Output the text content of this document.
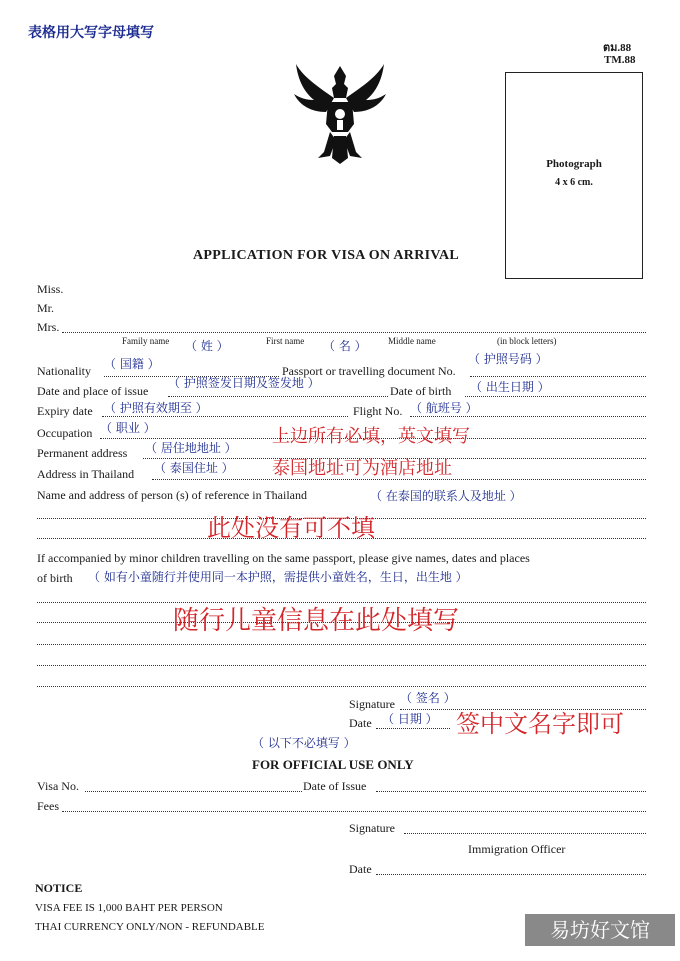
表格用大写字母填写
ตม.88
TM.88
Photograph
4 x 6 cm.
APPLICATION FOR VISA ON ARRIVAL
Miss.
Mr.
Mrs.
Family name （ 姓 ）	First name （ 名 ） Middle name	(in block letters)
Nationality （ 国籍 ）	Passport or travelling document No.
（ 护照号码 ）
Date and place of issue
（ 护照签发日期及签发地 ）
Date of birth （ 出生日期 ）
Expiry date （ 护照有效期至 ）	Flight No. （ 航班号 ）
Occupation （ 职业 ）
Permanent address （ 居住地地址 ）
Address in Thailand （ 泰国住址 ）
上边所有必填，英文填写
泰国地址可为酒店地址
Name and address of person (s) of reference in Thailand	（ 在泰国的联系人及地址 ）
此处没有可不填
If accompanied by minor children travelling on the same passport, please give names, dates and places
of birth （ 如有小童随行并使用同一本护照，需提供小童姓名，生日，出生地 ）
随行儿童信息在此处填写
Signature （ 签名 ）
Date （ 日期 ） 签中文名字即可
（ 以下不必填写 ）
FOR OFFICIAL USE ONLY
Visa No.	Date of Issue
Fees
Signature
Immigration Officer
Date
NOTICE
VISA FEE IS 1,000 BAHT PER PERSON
THAI CURRENCY ONLY/NON - REFUNDABLE	易坊好文馆
